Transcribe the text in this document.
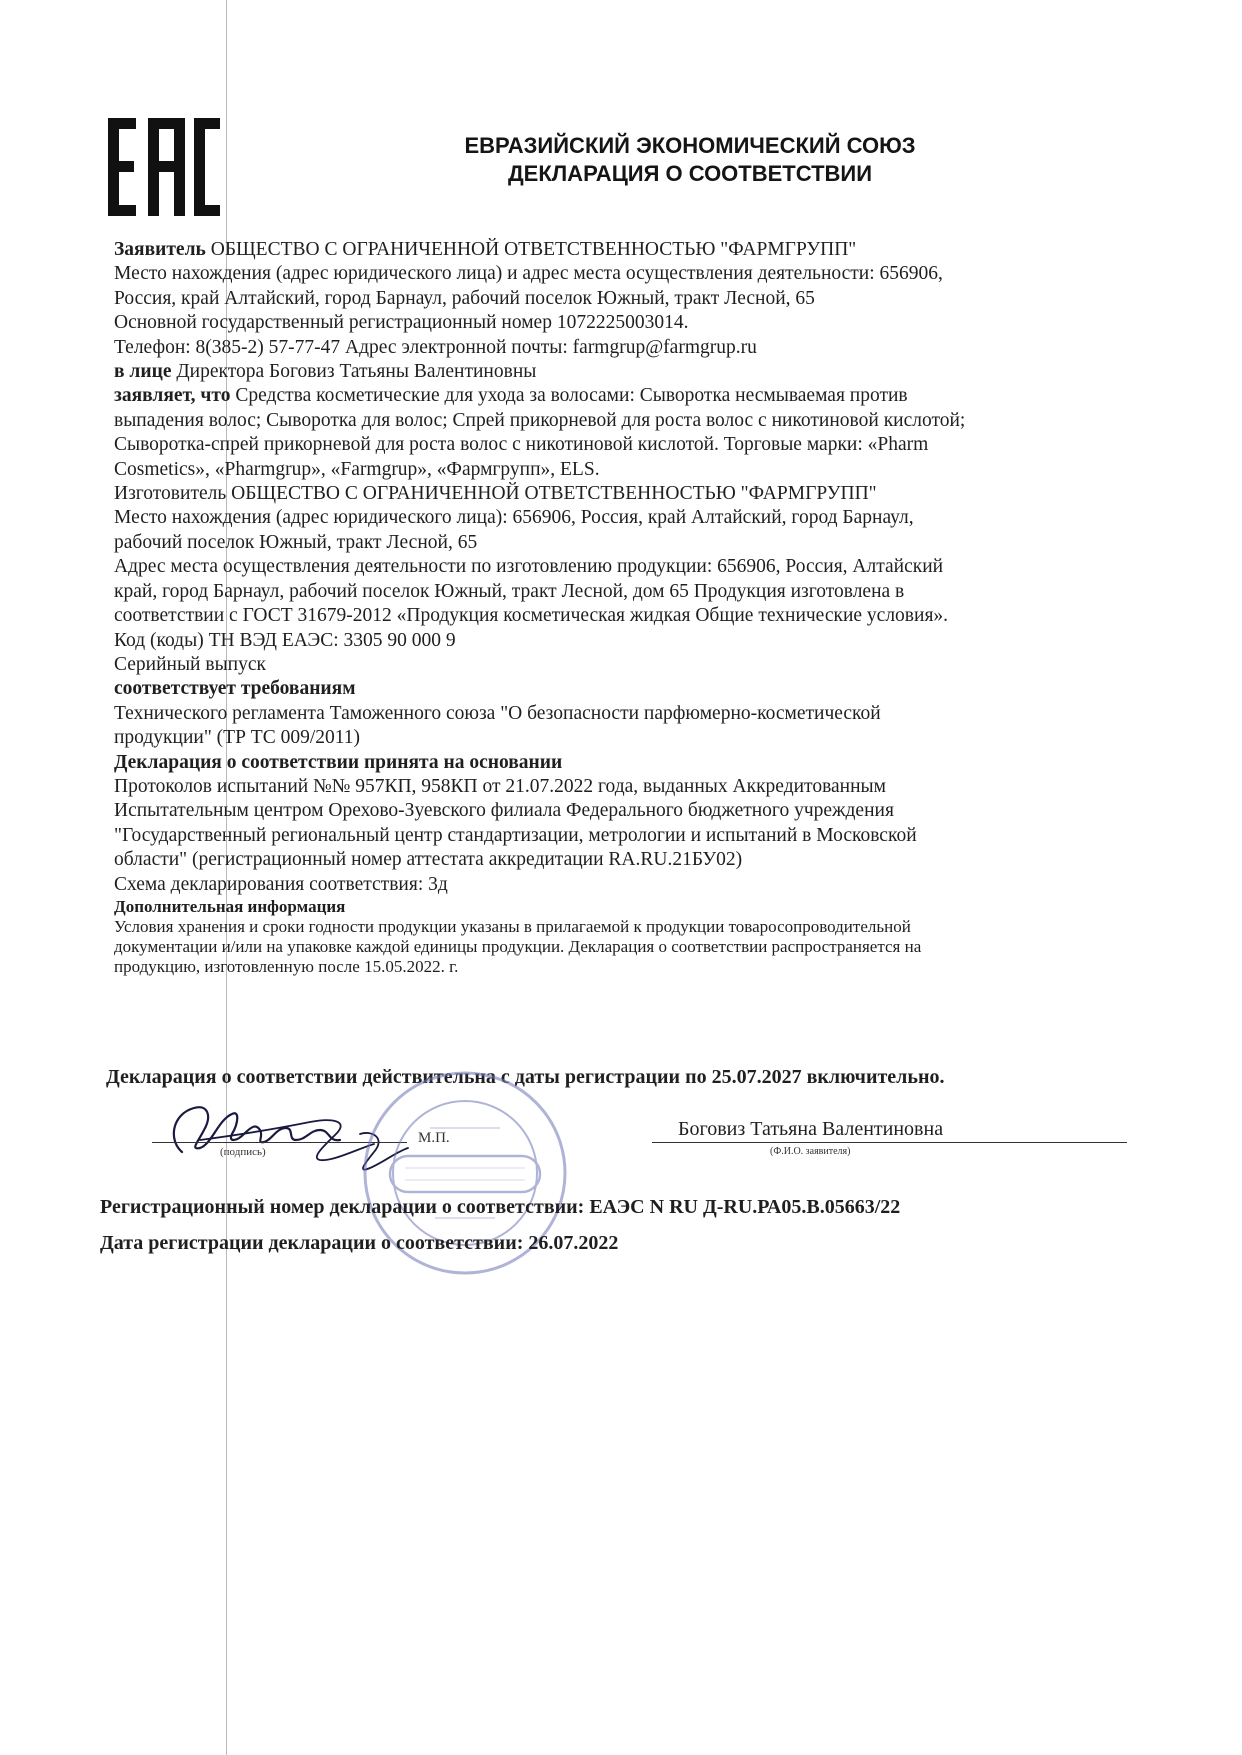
ЕВРАЗИЙСКИЙ ЭКОНОМИЧЕСКИЙ СОЮЗ
ДЕКЛАРАЦИЯ О СООТВЕТСТВИИ

Заявитель ОБЩЕСТВО С ОГРАНИЧЕННОЙ ОТВЕТСТВЕННОСТЬЮ "ФАРМГРУПП"

Место нахождения (адрес юридического лица) и адрес места осуществления деятельности: 656906,

Россия, край Алтайский, город Барнаул, рабочий поселок Южный, тракт Лесной, 65

Основной государственный регистрационный номер 1072225003014.

Телефон: 8(385-2) 57-77-47 Адрес электронной почты: farmgrup@farmgrup.ru

в лице Директора Боговиз Татьяны Валентиновны

заявляет, что Средства косметические для ухода за волосами: Сыворотка несмываемая против

выпадения волос; Сыворотка для волос; Спрей прикорневой для роста волос с никотиновой кислотой;

Сыворотка-спрей прикорневой для роста волос с никотиновой кислотой. Торговые марки: «Pharm

Cosmetics», «Pharmgrup», «Farmgrup», «Фармгрупп», ELS.

Изготовитель ОБЩЕСТВО С ОГРАНИЧЕННОЙ ОТВЕТСТВЕННОСТЬЮ "ФАРМГРУПП"

Место нахождения (адрес юридического лица): 656906, Россия, край Алтайский, город Барнаул,

рабочий поселок Южный, тракт Лесной, 65

Адрес места осуществления деятельности по изготовлению продукции: 656906, Россия, Алтайский

край, город Барнаул, рабочий поселок Южный, тракт Лесной, дом 65 Продукция изготовлена в

соответствии с ГОСТ 31679-2012 «Продукция косметическая жидкая Общие технические условия».

Код (коды) ТН ВЭД ЕАЭС: 3305 90 000 9

Серийный выпуск

соответствует требованиям

Технического регламента Таможенного союза "О безопасности парфюмерно-косметической

продукции" (ТР ТС 009/2011)

Декларация о соответствии принята на основании

Протоколов испытаний №№ 957КП, 958КП от 21.07.2022 года, выданных Аккредитованным

Испытательным центром Орехово-Зуевского филиала Федерального бюджетного учреждения

"Государственный региональный центр стандартизации, метрологии и испытаний в Московской

области" (регистрационный номер аттестата аккредитации RA.RU.21БУ02)

Схема декларирования соответствия: 3д

Дополнительная информация

Условия хранения и сроки годности продукции указаны в прилагаемой к продукции товаросопроводительной

документации и/или на упаковке каждой единицы продукции. Декларация о соответствии распространяется на

продукцию, изготовленную после 15.05.2022. г.

Декларация о соответствии действительна с даты регистрации по 25.07.2027 включительно.
(подпись)
М.П.	Боговиз Татьяна Валентиновна
(Ф.И.О. заявителя)
Регистрационный номер декларации о соответствии: ЕАЭС N RU Д-RU.РА05.В.05663/22
Дата регистрации декларации о соответствии: 26.07.2022
